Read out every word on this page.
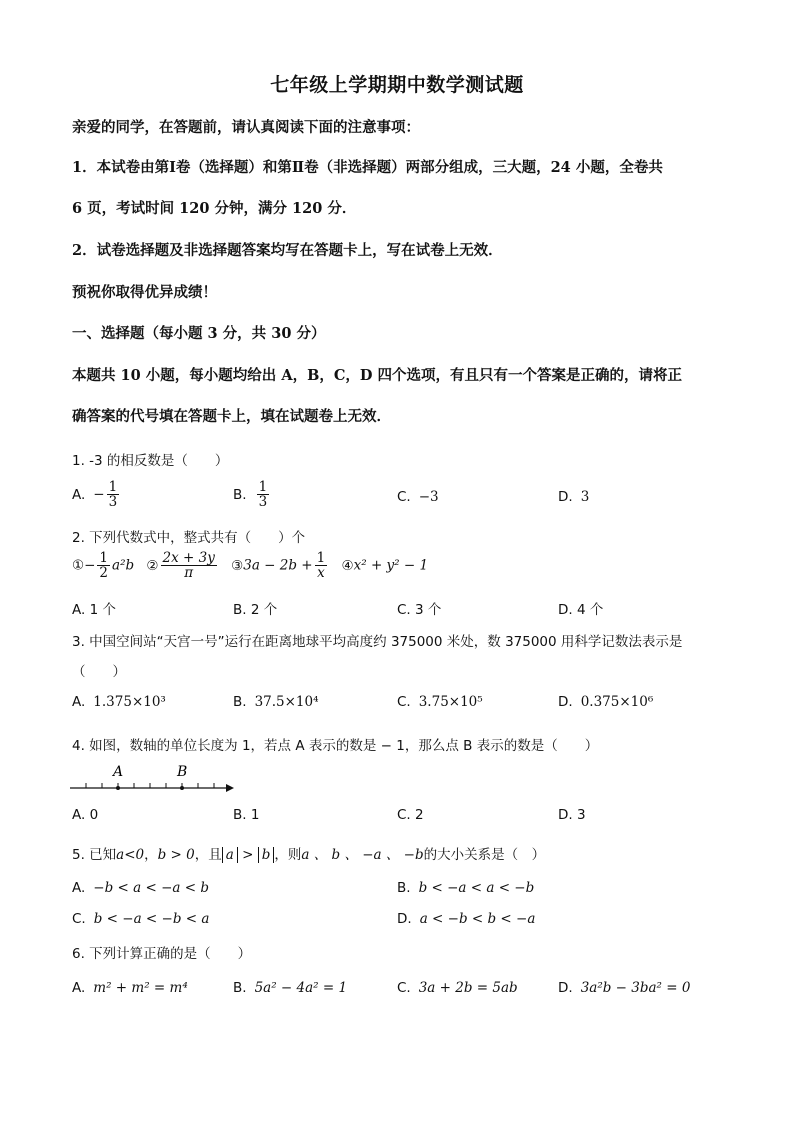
七年级上学期期中数学测试题
亲爱的同学，在答题前，请认真阅读下面的注意事项：
1．本试卷由第Ⅰ卷（选择题）和第Ⅱ卷（非选择题）两部分组成，三大题，24 小题，全卷共
6 页，考试时间 120 分钟，满分 120 分．
2．试卷选择题及非选择题答案均写在答题卡上，写在试卷上无效．
预祝你取得优异成绩！
一、选择题（每小题 3 分，共 30 分）
本题共 10 小题，每小题均给出 A，B，C，D 四个选项，有且只有一个答案是正确的，请将正
确答案的代号填在答题卡上，填在试题卷上无效．
1. -3 的相反数是（　　）
A. − $\frac{1}{3}$	B. $\frac{1}{3}$	C. −3	D. 3
2. 下列代数式中，整式共有（　　）个
①− $\frac{1}{2} a^2b$ ② $\frac{2x + 3y}{\pi}$ ③3a − $2b + \frac{1}{x}$ ④x² + y² − 1
A. 1 个	B. 2 个	C. 3 个	D. 4 个
3. 中国空间站“天宫一号”运行在距离地球平均高度约 375000 米处，数 375000 用科学记数法表示是
（　　）
A. 1.375×10³	B. 37.5×10⁴	C. 3.75×10⁵	D. 0.375×10⁶
4. 如图，数轴的单位长度为 1，若点 A 表示的数是 − 1，那么点 B 表示的数是（　　）
A	B
A. 0	B. 1	C. 2	D. 3
5. 已知a<0，b > 0，且 a > b ，则a 、 b 、 −a 、 −b的大小关系是（　）
A. −b < a < −a < b	B. b < −a < a < −b
C. b < −a < −b < a	D. a < −b < b < −a
6. 下列计算正确的是（　　）
A. m² + m² = m⁴	B. 5a² − 4a² = 1	C. 3a + 2b = 5ab	D. 3a²b − 3ba² = 0
